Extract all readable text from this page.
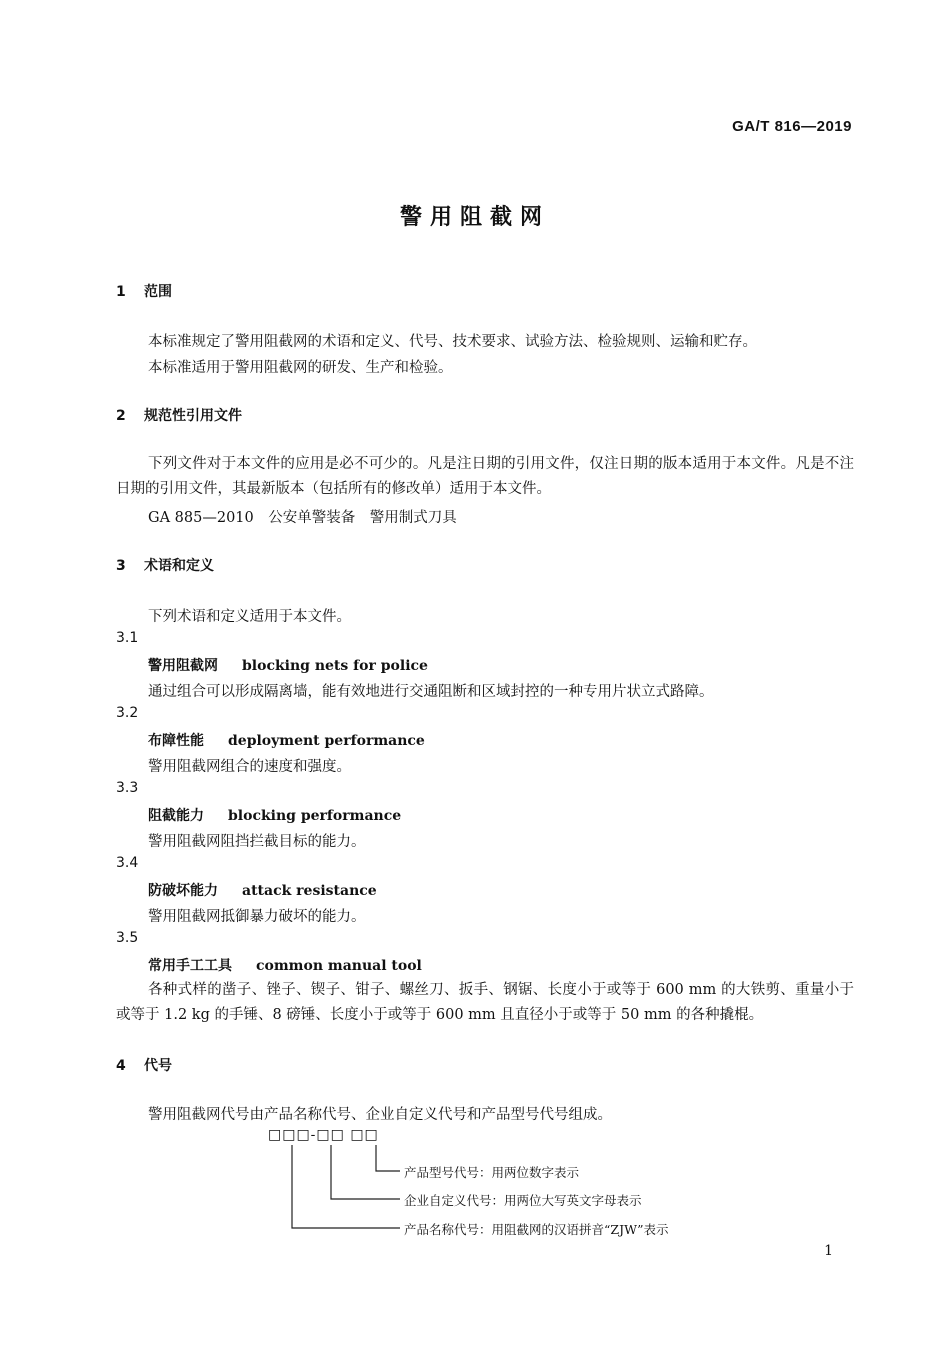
GA/T 816—2019
警用阻截网
1 范围
本标准规定了警用阻截网的术语和定义、代号、技术要求、试验方法、检验规则、运输和贮存。
本标准适用于警用阻截网的研发、生产和检验。
2 规范性引用文件
下列文件对于本文件的应用是必不可少的。凡是注日期的引用文件，仅注日期的版本适用于本文件。凡是不注日期的引用文件，其最新版本（包括所有的修改单）适用于本文件。
GA 885—2010　公安单警装备　警用制式刀具
3 术语和定义
下列术语和定义适用于本文件。
3.1
警用阻截网 blocking nets for police
通过组合可以形成隔离墙，能有效地进行交通阻断和区域封控的一种专用片状立式路障。
3.2
布障性能 deployment performance
警用阻截网组合的速度和强度。
3.3
阻截能力 blocking performance
警用阻截网阻挡拦截目标的能力。
3.4
防破坏能力 attack resistance
警用阻截网抵御暴力破坏的能力。
3.5
常用手工工具 common manual tool
各种式样的凿子、锉子、锲子、钳子、螺丝刀、扳手、钢锯、长度小于或等于 600 mm 的大铁剪、重量小于或等于 1.2 kg 的手锤、8 磅锤、长度小于或等于 600 mm 且直径小于或等于 50 mm 的各种撬棍。
4 代号
警用阻截网代号由产品名称代号、企业自定义代号和产品型号代号组成。
□□□-□□ □□
产品型号代号：用两位数字表示
企业自定义代号：用两位大写英文字母表示
产品名称代号：用阻截网的汉语拼音“ZJW”表示
1
